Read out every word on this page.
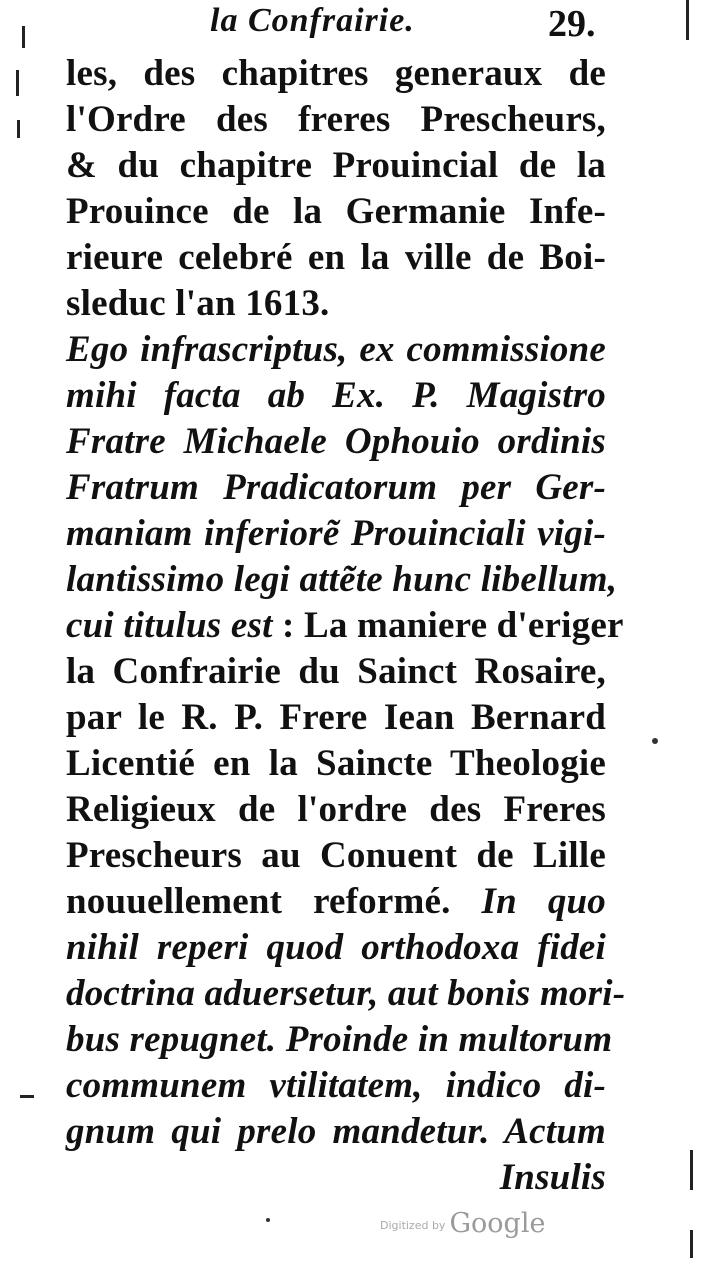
la Confrairie.	29.
les, des chapitres generaux de
l'Ordre des freres Prescheurs,
& du chapitre Prouincial de la
Prouince de la Germanie Infe-
rieure celebré en la ville de Boi-
sleduc l'an 1613.
Ego infrascriptus, ex commissione
mihi facta ab Ex. P. Magistro
Fratre Michaele Ophouio ordinis
Fratrum Pradicatorum per Ger-
maniam inferiorẽ Prouinciali vigi-
lantissimo legi attẽte hunc libellum,
cui titulus est : La maniere d'eriger
la Confrairie du Sainct Rosaire,
par le R. P. Frere Iean Bernard
Licentié en la Saincte Theologie
Religieux de l'ordre des Freres
Prescheurs au Conuent de Lille
nouuellement reformé. In quo
nihil reperi quod orthodoxa fidei
doctrina aduersetur, aut bonis mori-
bus repugnet. Proinde in multorum
communem vtilitatem, indico di-
gnum qui prelo mandetur. Actum
Insulis
Digitized by Google
